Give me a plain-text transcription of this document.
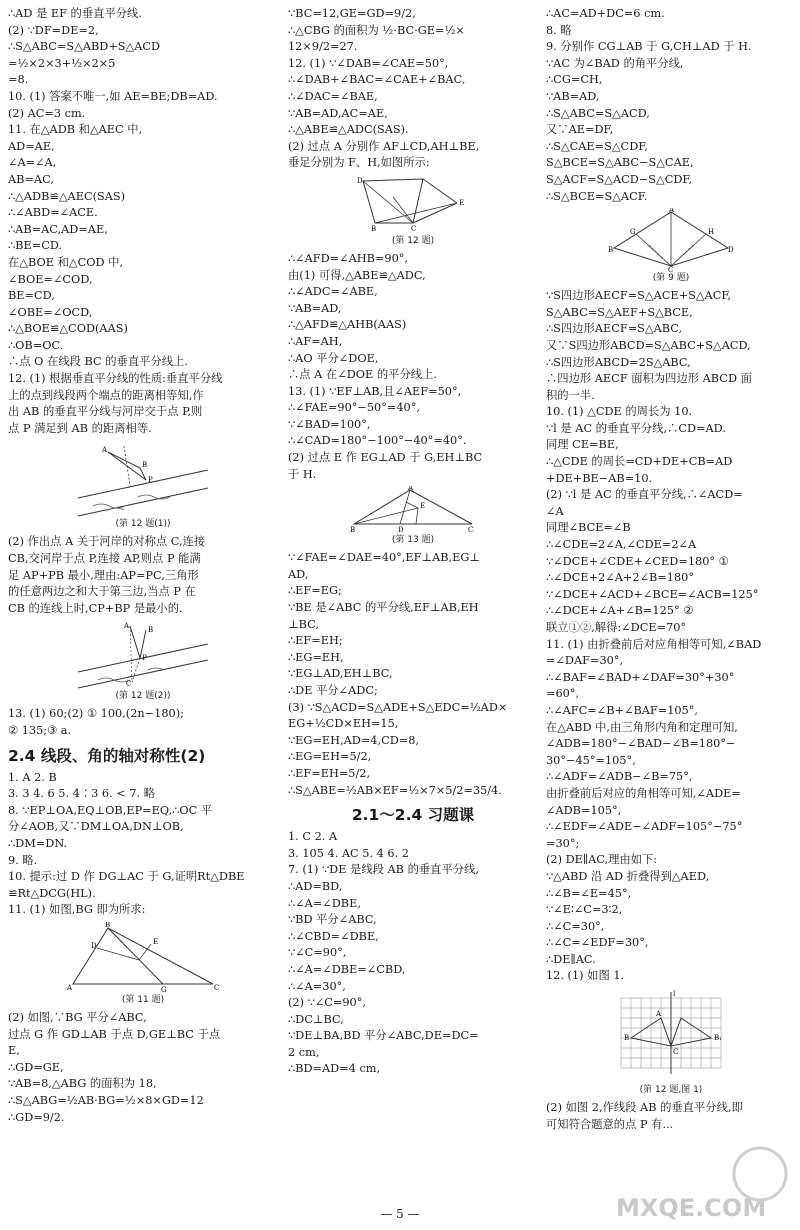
∴AD 是 EF 的垂直平分线.
(2) ∵DF=DE=2,
∴S△ABC=S△ABD+S△ACD
=½×2×3+½×2×5
=8.
10. (1) 答案不唯一,如 AE=BE;DB=AD.
(2) AC=3 cm.
11. 在△ADB 和△AEC 中,
AD=AE,
∠A=∠A,
AB=AC,
∴△ADB≌△AEC(SAS)
∴∠ABD=∠ACE.
∴AB=AC,AD=AE,
∴BE=CD.
在△BOE 和△COD 中,
∠BOE=∠COD,
BE=CD,
∠OBE=∠OCD,
∴△BOE≌△COD(AAS)
∴OB=OC.
∴点 O 在线段 BC 的垂直平分线上.
12. (1) 根据垂直平分线的性质:垂直平分线
上的点到线段两个端点的距离相等知,作
出 AB 的垂直平分线与河岸交于点 P,则
点 P 满足到 AB 的距离相等.
A
B
P
(第 12 题(1))
(2) 作出点 A 关于河岸的对称点 C,连接
CB,交河岸于点 P,连接 AP,则点 P 能满
足 AP+PB 最小,理由:AP=PC,三角形
的任意两边之和大于第三边,当点 P 在
CB 的连线上时,CP+BP 是最小的.
A	B
P
C
(第 12 题(2))
13. (1) 60;(2) ① 100,(2n−180);
② 135;③ a.
2.4 线段、角的轴对称性(2)
1. A 2. B
3. 3 4. 6 5. 4∶3 6. < 7. 略
8. ∵EP⊥OA,EQ⊥OB,EP=EQ,∴OC 平
分∠AOB,又∵DM⊥OA,DN⊥OB,
∴DM=DN.
9. 略.
10. 提示:过 D 作 DG⊥AC 于 G,证明Rt△DBE
≌Rt△DCG(HL).
11. (1) 如图,BG 即为所求:
A
B
C
G
D	E
(第 11 题)
(2) 如图,∵BG 平分∠ABC,
过点 G 作 GD⊥AB 于点 D,GE⊥BC 于点
E,
∴GD=GE,
∵AB=8,△ABG 的面积为 18,
∴S△ABG=½AB·BG=½×8×GD=12
∴GD=9/2.
∵BC=12,GE=GD=9/2,
∴△CBG 的面积为 ½·BC·GE=½×
12×9/2=27.
12. (1) ∵∠DAB=∠CAE=50°,
∴∠DAB+∠BAC=∠CAE+∠BAC,
∴∠DAC=∠BAE,
∵AB=AD,AC=AE,
∴△ABE≌△ADC(SAS).
(2) 过点 A 分别作 AF⊥CD,AH⊥BE,
垂足分别为 F、H,如图所示:
D
E
B	C
(第 12 题)
∴∠AFD=∠AHB=90°,
由(1) 可得,△ABE≌△ADC,
∴∠ADC=∠ABE,
∵AB=AD,
∴△AFD≌△AHB(AAS)
∴AF=AH,
∴AO 平分∠DOE,
∴点 A 在∠DOE 的平分线上.
13. (1) ∵EF⊥AB,且∠AEF=50°,
∴∠FAE=90°−50°=40°,
∵∠BAD=100°,
∴∠CAD=180°−100°−40°=40°.
(2) 过点 E 作 EG⊥AD 于 G,EH⊥BC
于 H.
B
A
C
D
E
(第 13 题)
∵∠FAE=∠DAE=40°,EF⊥AB,EG⊥
AD,
∴EF=EG;
∵BE 是∠ABC 的平分线,EF⊥AB,EH
⊥BC,
∴EF=EH;
∴EG=EH,
∵EG⊥AD,EH⊥BC,
∴DE 平分∠ADC;
(3) ∵S△ACD=S△ADE+S△EDC=½AD×
EG+½CD×EH=15,
∵EG=EH,AD=4,CD=8,
∴EG=EH=5/2,
∴EF=EH=5/2,
∴S△ABE=½AB×EF=½×7×5/2=35/4.
2.1～2.4 习题课
1. C 2. A
3. 105 4. AC 5. 4 6. 2
7. (1) ∵DE 是线段 AB 的垂直平分线,
∴AD=BD,
∴∠A=∠DBE,
∵BD 平分∠ABC,
∴∠CBD=∠DBE,
∵∠C=90°,
∴∠A=∠DBE=∠CBD,
∴∠A=30°,
(2) ∵∠C=90°,
∴DC⊥BC,
∵DE⊥BA,BD 平分∠ABC,DE=DC=
2 cm,
∴BD=AD=4 cm,
∴AC=AD+DC=6 cm.
8. 略
9. 分别作 CG⊥AB 于 G,CH⊥AD 于 H.
∵AC 为∠BAD 的角平分线,
∴CG=CH,
∵AB=AD,
∴S△ABC=S△ACD,
又∵AE=DF,
∴S△CAE=S△CDF,
S△BCE=S△ABC−S△CAE,
S△ACF=S△ACD−S△CDF,
∴S△BCE=S△ACF.
A
B	D
C
G	H
(第 9 题)
∵S四边形AECF=S△ACE+S△ACF,
S△ABC=S△AEF+S△BCE,
∴S四边形AECF=S△ABC,
又∵S四边形ABCD=S△ABC+S△ACD,
∴S四边形ABCD=2S△ABC,
∴四边形 AECF 面积为四边形 ABCD 面
积的一半.
10. (1) △CDE 的周长为 10.
∵l 是 AC 的垂直平分线,∴CD=AD.
同理 CE=BE,
∴△CDE 的周长=CD+DE+CB=AD
+DE+BE−AB=10.
(2) ∵l 是 AC 的垂直平分线,∴∠ACD=
∠A
同理∠BCE=∠B
∴∠CDE=2∠A,∠CDE=2∠A
∵∠DCE+∠CDE+∠CED=180° ①
∴∠DCE+2∠A+2∠B=180°
∵∠DCE+∠ACD+∠BCE=∠ACB=125°
∴∠DCE+∠A+∠B=125° ②
联立①②,解得:∠DCE=70°
11. (1) 由折叠前后对应角相等可知,∠BAD
=∠DAF=30°,
∴∠BAF=∠BAD+∠DAF=30°+30°
=60°,
∴∠AFC=∠B+∠BAF=105°,
在△ABD 中,由三角形内角和定理可知,
∠ADB=180°−∠BAD−∠B=180°−
30°−45°=105°,
∴∠ADF=∠ADB−∠B=75°,
由折叠前后对应的角相等可知,∠ADE=
∠ADB=105°,
∴∠EDF=∠ADE−∠ADF=105°−75°
=30°;
(2) DE∥AC,理由如下:
∵△ABD 沿 AD 折叠得到△AED,
∴∠B=∠E=45°,
∵∠E∶∠C=3∶2,
∴∠C=30°,
∴∠C=∠EDF=30°,
∴DE∥AC.
12. (1) 如图 1.
l
A
B	B₁
C
(第 12 题,图 1)
(2) 如图 2,作线段 AB 的垂直平分线,即
可知符合题意的点 P 有...
— 5 —	MXQE.COM
